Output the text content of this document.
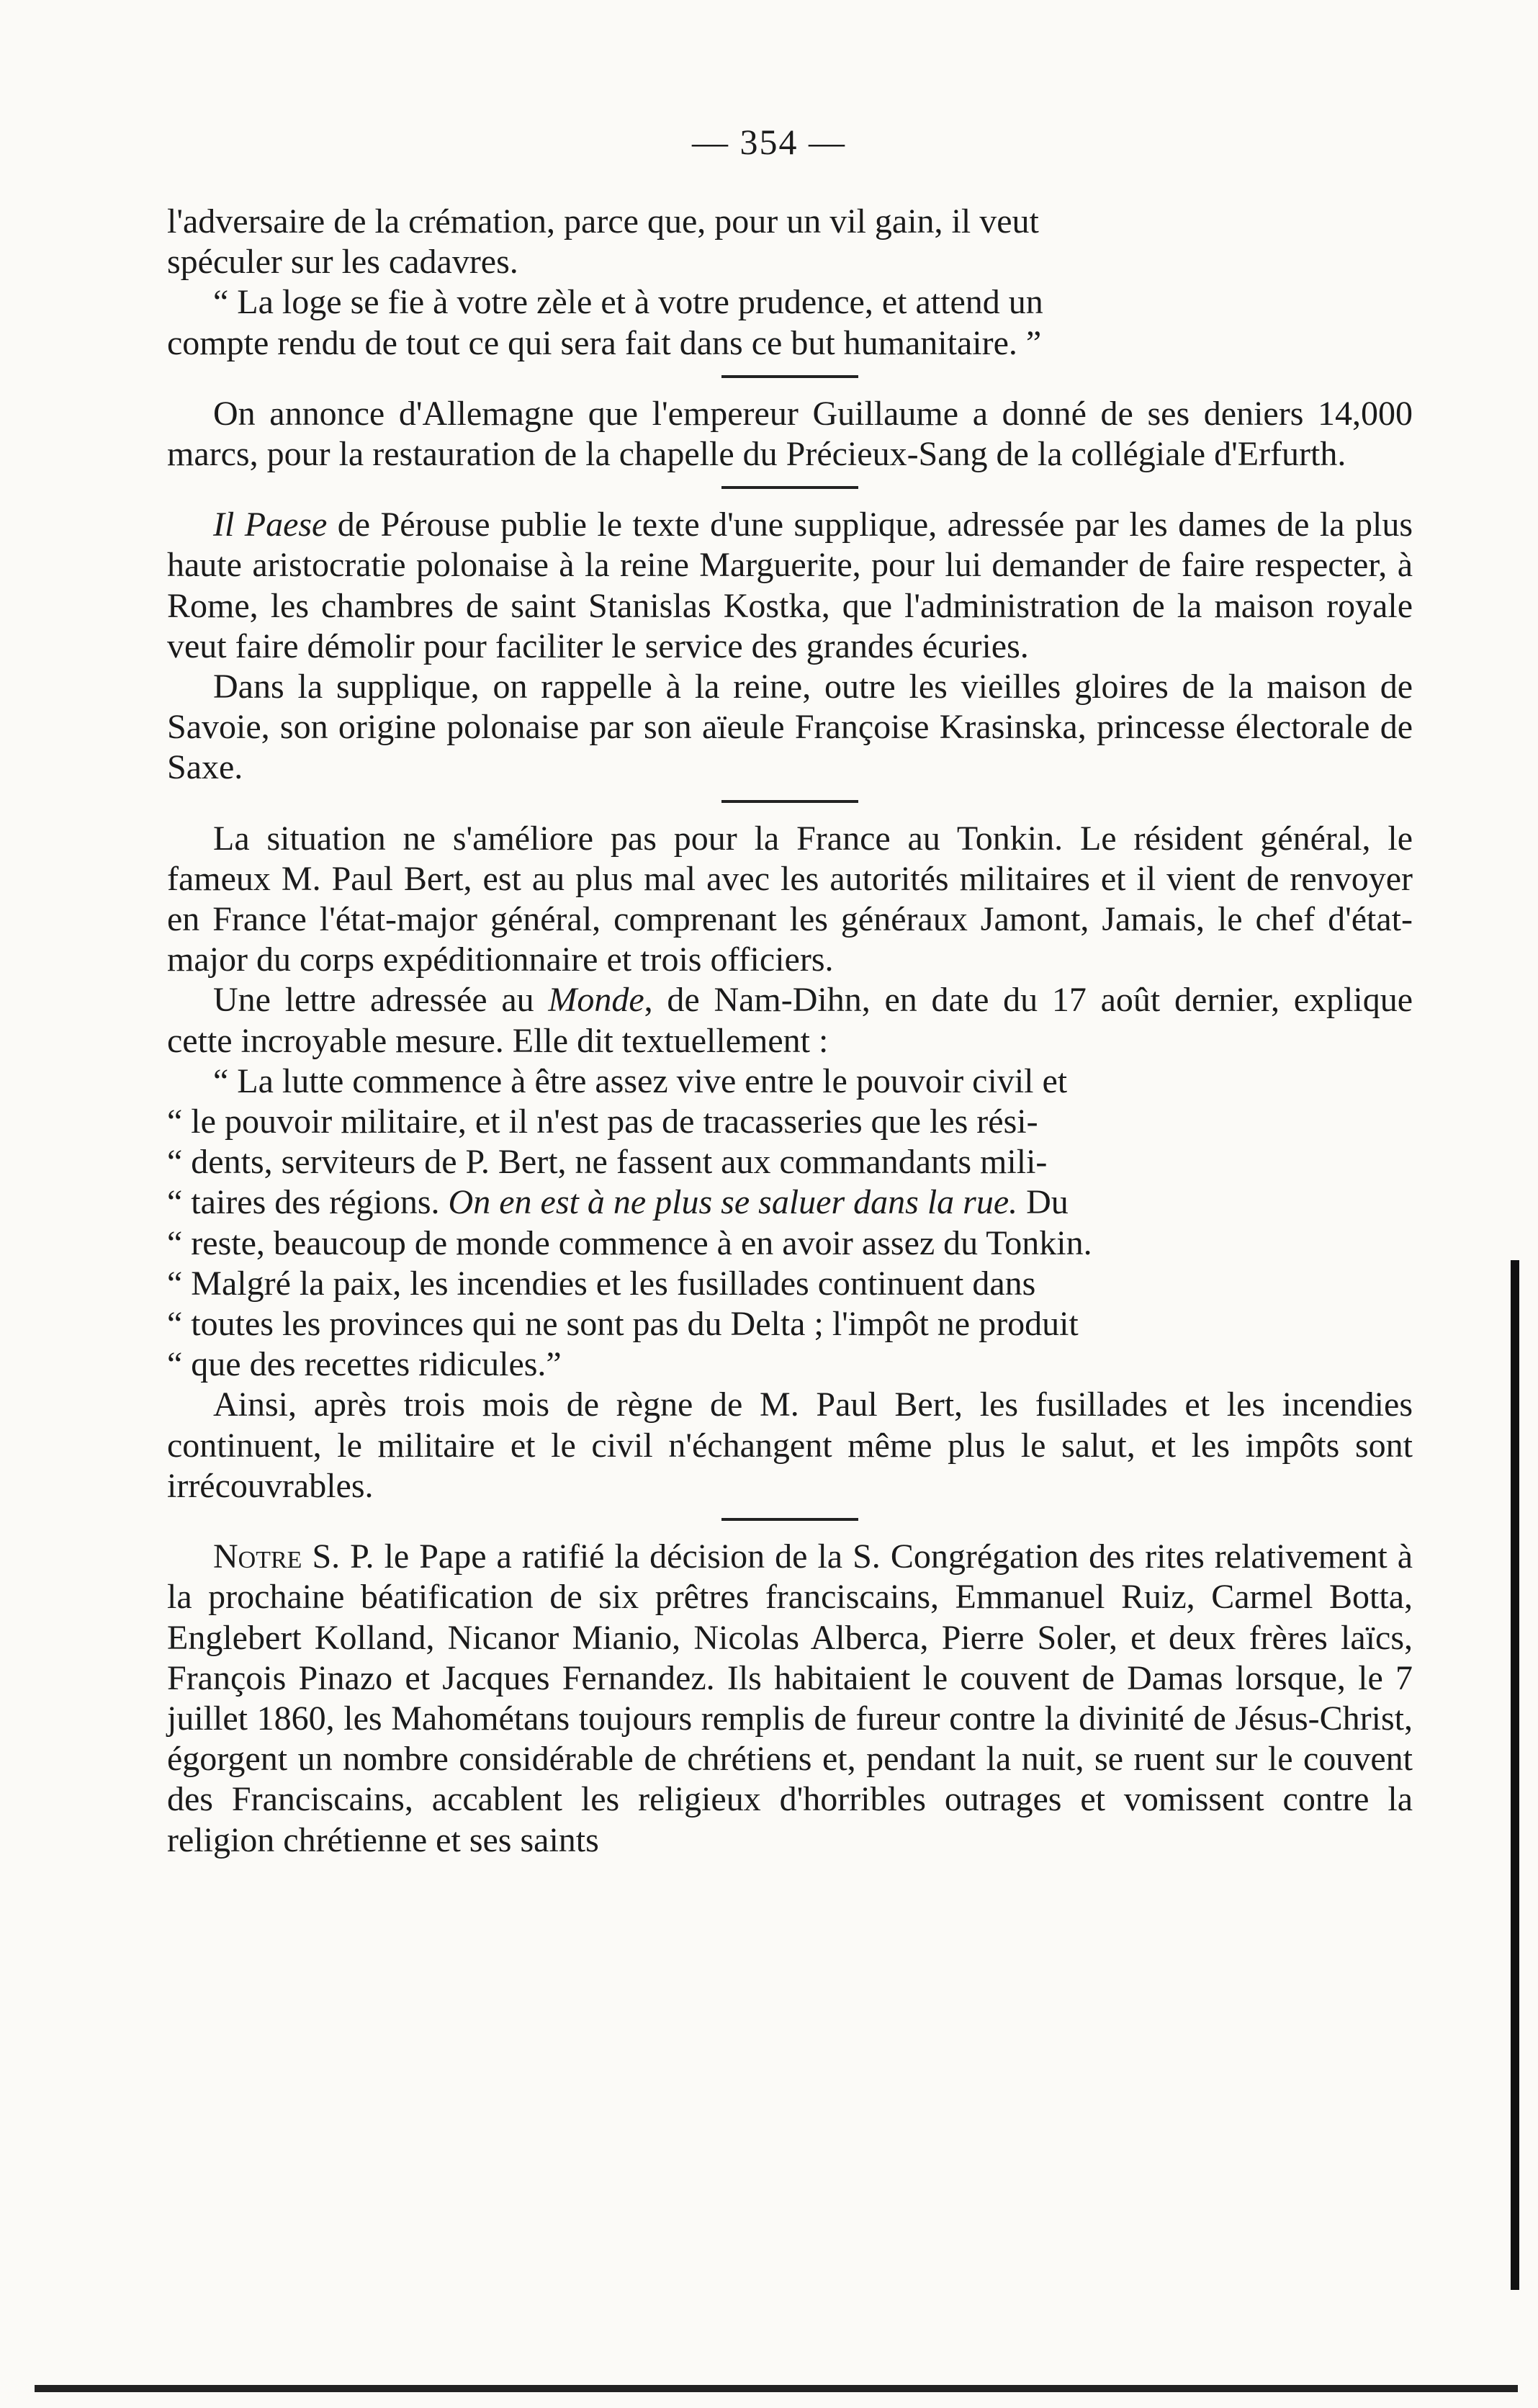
— 354 —

l'adversaire de la crémation, parce que, pour un vil gain, il veut

spéculer sur les cadavres.

“ La loge se fie à votre zèle et à votre prudence, et attend un

compte rendu de tout ce qui sera fait dans ce but humanitaire. ”

On annonce d'Allemagne que l'empereur Guillaume a donné de ses deniers 14,000 marcs, pour la restauration de la chapelle du Précieux-Sang de la collégiale d'Erfurth.

Il Paese de Pérouse publie le texte d'une supplique, adressée par les dames de la plus haute aristocratie polonaise à la reine Marguerite, pour lui demander de faire respecter, à Rome, les chambres de saint Stanislas Kostka, que l'administration de la maison royale veut faire démolir pour faciliter le service des grandes écuries.

Dans la supplique, on rappelle à la reine, outre les vieilles gloires de la maison de Savoie, son origine polonaise par son aïeule Françoise Krasinska, princesse électorale de Saxe.

La situation ne s'améliore pas pour la France au Tonkin. Le résident général, le fameux M. Paul Bert, est au plus mal avec les autorités militaires et il vient de renvoyer en France l'état-major général, comprenant les généraux Jamont, Jamais, le chef d'état-major du corps expéditionnaire et trois officiers.

Une lettre adressée au Monde, de Nam-Dihn, en date du 17 août dernier, explique cette incroyable mesure. Elle dit textuellement :

“ La lutte commence à être assez vive entre le pouvoir civil et

“ le pouvoir militaire, et il n'est pas de tracasseries que les rési-

“ dents, serviteurs de P. Bert, ne fassent aux commandants mili-

“ taires des régions. On en est à ne plus se saluer dans la rue. Du

“ reste, beaucoup de monde commence à en avoir assez du Tonkin.

“ Malgré la paix, les incendies et les fusillades continuent dans

“ toutes les provinces qui ne sont pas du Delta ; l'impôt ne produit

“ que des recettes ridicules.”

Ainsi, après trois mois de règne de M. Paul Bert, les fusillades et les incendies continuent, le militaire et le civil n'échangent même plus le salut, et les impôts sont irrécouvrables.

Notre S. P. le Pape a ratifié la décision de la S. Congrégation des rites relativement à la prochaine béatification de six prêtres franciscains, Emmanuel Ruiz, Carmel Botta, Englebert Kolland, Nicanor Mianio, Nicolas Alberca, Pierre Soler, et deux frères laïcs, François Pinazo et Jacques Fernandez. Ils habitaient le couvent de Damas lorsque, le 7 juillet 1860, les Mahométans toujours remplis de fureur contre la divinité de Jésus-Christ, égorgent un nombre considérable de chrétiens et, pendant la nuit, se ruent sur le couvent des Franciscains, accablent les religieux d'horribles outrages et vomissent contre la religion chrétienne et ses saints
